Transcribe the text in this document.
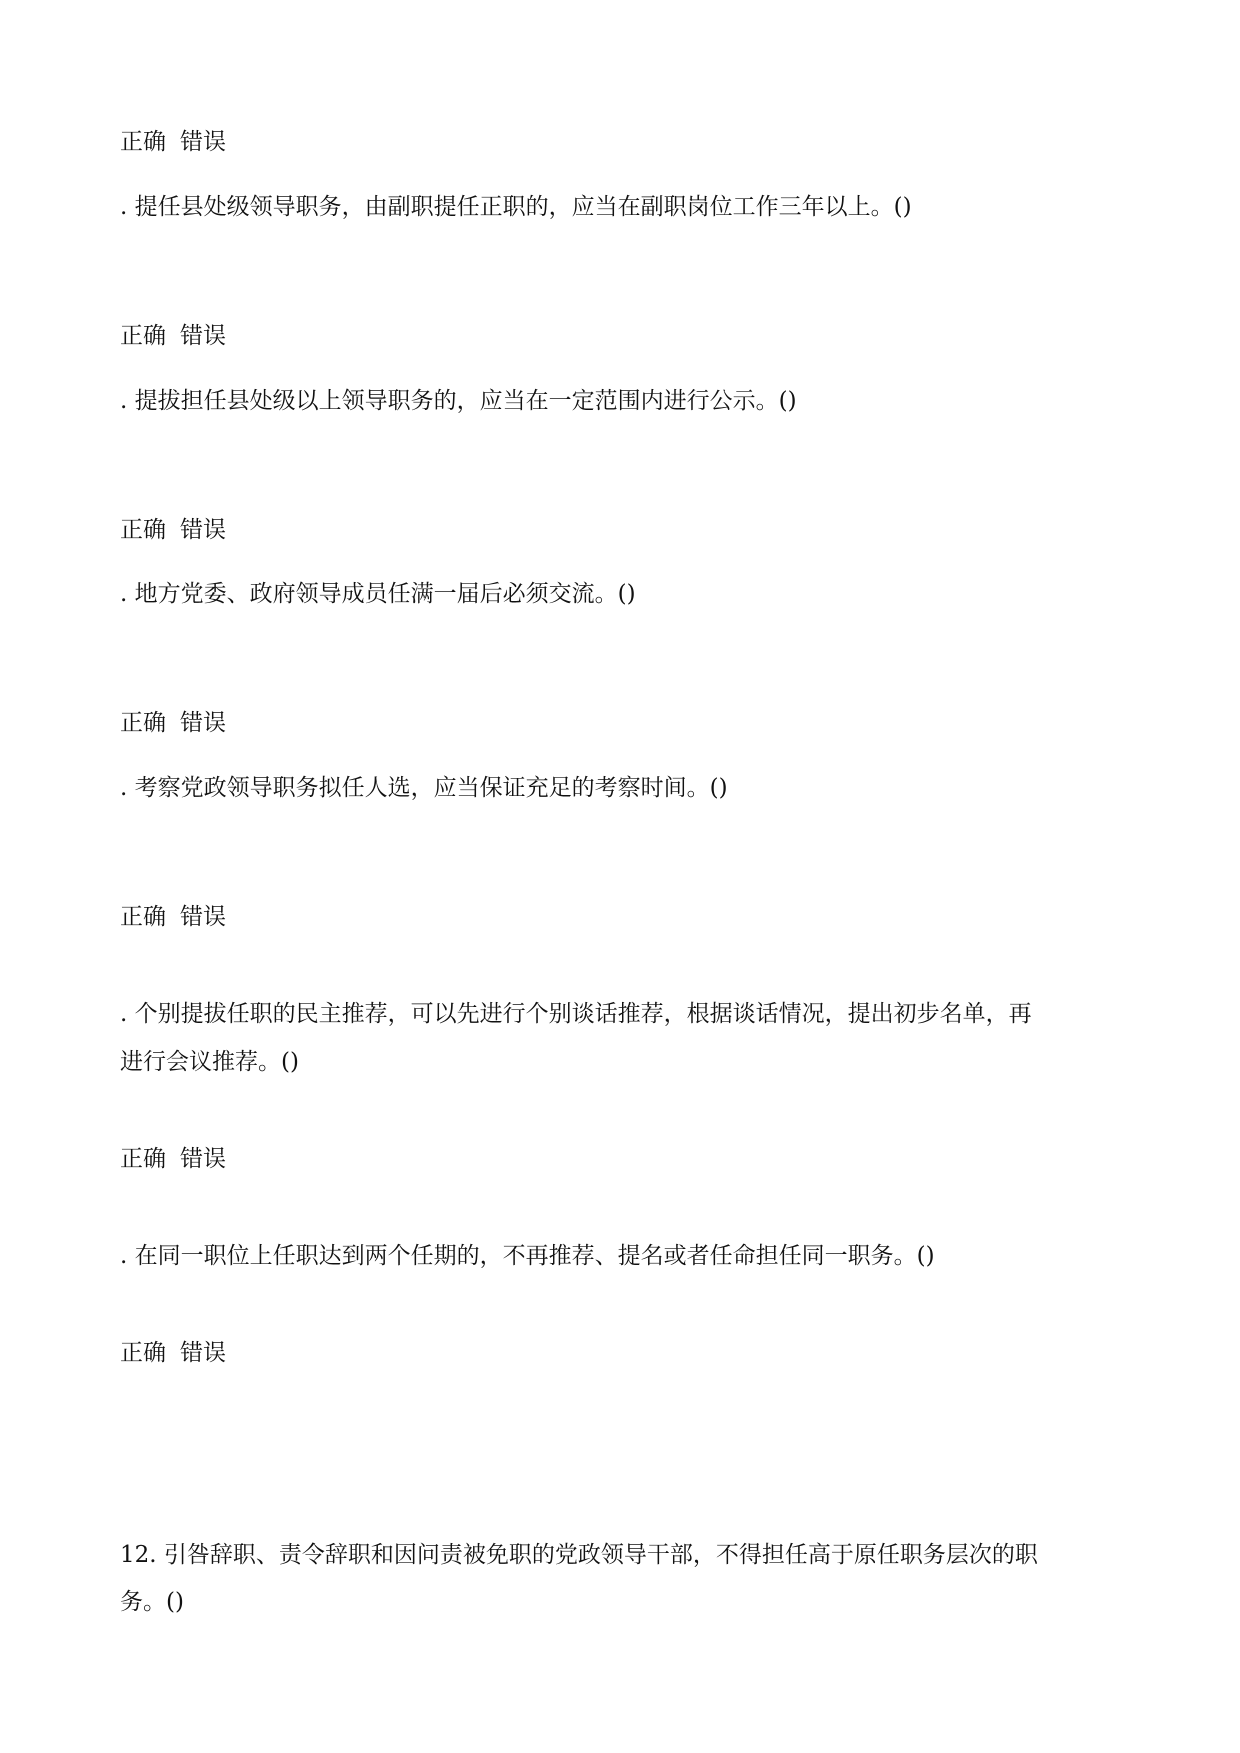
正确 错误

. 提任县处级领导职务，由副职提任正职的，应当在副职岗位工作三年以上。()

正确 错误

. 提拔担任县处级以上领导职务的，应当在一定范围内进行公示。()

正确 错误

. 地方党委、政府领导成员任满一届后必须交流。()

正确 错误

. 考察党政领导职务拟任人选，应当保证充足的考察时间。()

正确 错误

. 个别提拔任职的民主推荐，可以先进行个别谈话推荐，根据谈话情况，提出初步名单，再

进行会议推荐。()

正确 错误

. 在同一职位上任职达到两个任期的，不再推荐、提名或者任命担任同一职务。()

正确 错误

12. 引咎辞职、责令辞职和因问责被免职的党政领导干部，不得担任高于原任职务层次的职

务。()
